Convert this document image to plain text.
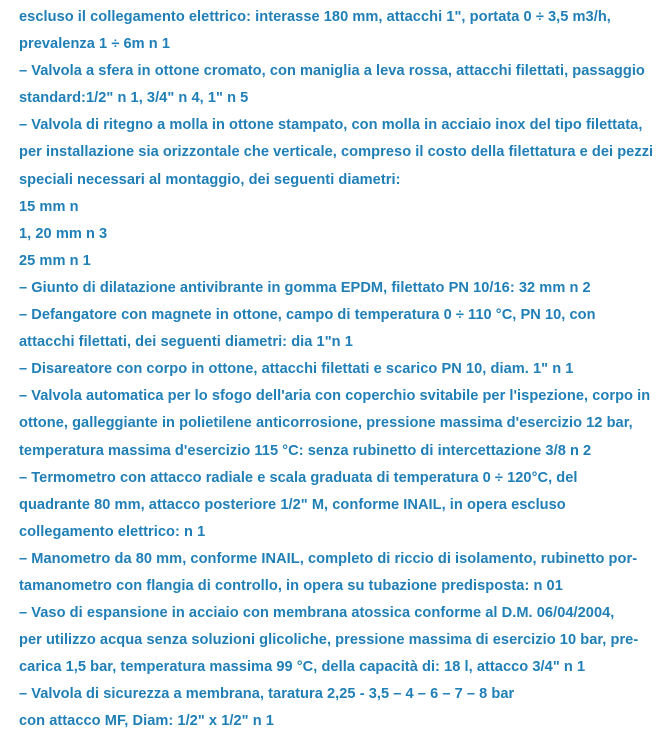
escluso il collegamento elettrico: interasse 180 mm, attacchi 1", portata 0 ÷ 3,5 m3/h,
prevalenza 1 ÷ 6m n 1
– Valvola a sfera in ottone cromato, con maniglia a leva rossa, attacchi filettati, passaggio
standard:1/2" n 1, 3/4" n 4, 1" n 5
– Valvola di ritegno a molla in ottone stampato, con molla in acciaio inox del tipo filettata,
per installazione sia orizzontale che verticale, compreso il costo della filettatura e dei pezzi
speciali necessari al montaggio, dei seguenti diametri:
15 mm n
1, 20 mm n 3
25 mm n 1
– Giunto di dilatazione antivibrante in gomma EPDM, filettato PN 10/16: 32 mm n 2
– Defangatore con magnete in ottone, campo di temperatura 0 ÷ 110 °C, PN 10, con
attacchi filettati, dei seguenti diametri: dia 1"n 1
– Disareatore con corpo in ottone, attacchi filettati e scarico PN 10, diam. 1" n 1
– Valvola automatica per lo sfogo dell'aria con coperchio svitabile per l'ispezione, corpo in
ottone, galleggiante in polietilene anticorrosione, pressione massima d'esercizio 12 bar,
temperatura massima d'esercizio 115 °C: senza rubinetto di intercettazione 3/8 n 2
– Termometro con attacco radiale e scala graduata di temperatura 0 ÷ 120°C, del
quadrante 80 mm, attacco posteriore 1/2" M, conforme INAIL, in opera escluso
collegamento elettrico: n 1
– Manometro da 80 mm, conforme INAIL, completo di riccio di isolamento, rubinetto por-
tamanometro con flangia di controllo, in opera su tubazione predisposta: n 01
– Vaso di espansione in acciaio con membrana atossica conforme al D.M. 06/04/2004,
per utilizzo acqua senza soluzioni glicoliche, pressione massima di esercizio 10 bar, pre-
carica 1,5 bar, temperatura massima 99 °C, della capacità di: 18 l, attacco 3/4" n 1
– Valvola di sicurezza a membrana, taratura 2,25 - 3,5 – 4 – 6 – 7 – 8 bar
con attacco MF, Diam: 1/2" x 1/2" n 1
